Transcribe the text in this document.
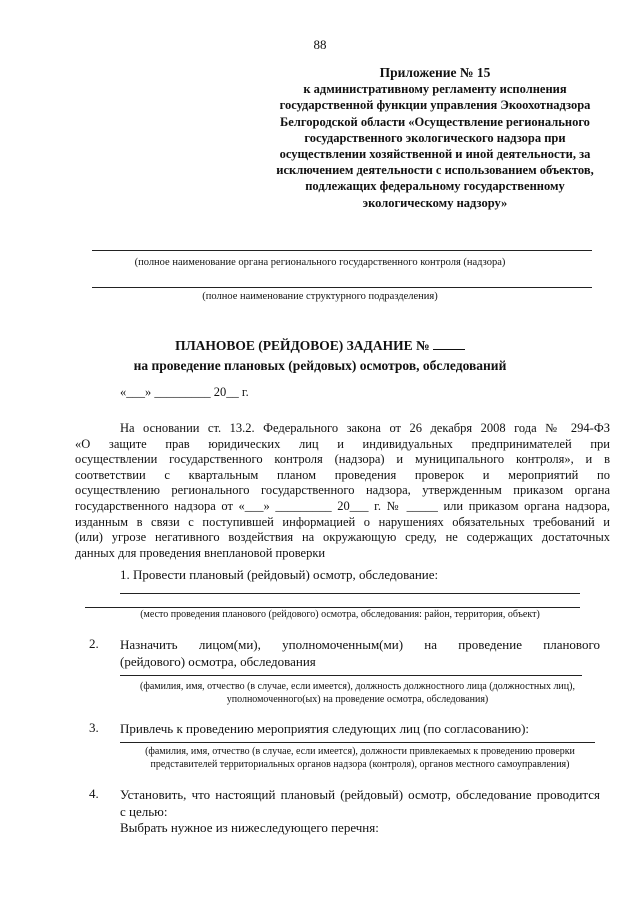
88
Приложение № 15
к административному регламенту исполнения
государственной функции управления Экоохотнадзора
Белгородской области «Осуществление регионального
государственного экологического надзора при
осуществлении хозяйственной и иной деятельности, за
исключением деятельности с использованием объектов,
подлежащих федеральному государственному
экологическому надзору»
(полное наименование органа регионального государственного контроля (надзора)
(полное наименование структурного подразделения)
ПЛАНОВОЕ (РЕЙДОВОЕ) ЗАДАНИЕ №
на проведение плановых (рейдовых) осмотров, обследований
«___» _________ 20__ г.
На основании ст. 13.2. Федерального закона от 26 декабря 2008 года № 294-ФЗ
«О защите прав юридических лиц и индивидуальных предпринимателей при
осуществлении государственного контроля (надзора) и муниципального контроля», и в
соответствии с квартальным планом проведения проверок и мероприятий по
осуществлению регионального государственного надзора, утвержденным приказом органа
государственного надзора от «___» _________ 20___ г. № _____ или приказом органа надзора,
изданным в связи с поступившей информацией о нарушениях обязательных требований и
(или) угрозе негативного воздействия на окружающую среду, не содержащих достаточных
данных для проведения внеплановой проверки
1. Провести плановый (рейдовый) осмотр, обследование:
(место проведения планового (рейдового) осмотра, обследования: район, территория, объект)
2. Назначить лицом(ми), уполномоченным(ми) на проведение планового
(рейдового) осмотра, обследования
(фамилия, имя, отчество (в случае, если имеется), должность должностного лица (должностных лиц),
уполномоченного(ых) на проведение осмотра, обследования)
3. Привлечь к проведению мероприятия следующих лиц (по согласованию):
(фамилия, имя, отчество (в случае, если имеется), должности привлекаемых к проведению проверки
представителей территориальных органов надзора (контроля), органов местного самоуправления)
4. Установить, что настоящий плановый (рейдовый) осмотр, обследование проводится
с целью:
Выбрать нужное из нижеследующего перечня:
